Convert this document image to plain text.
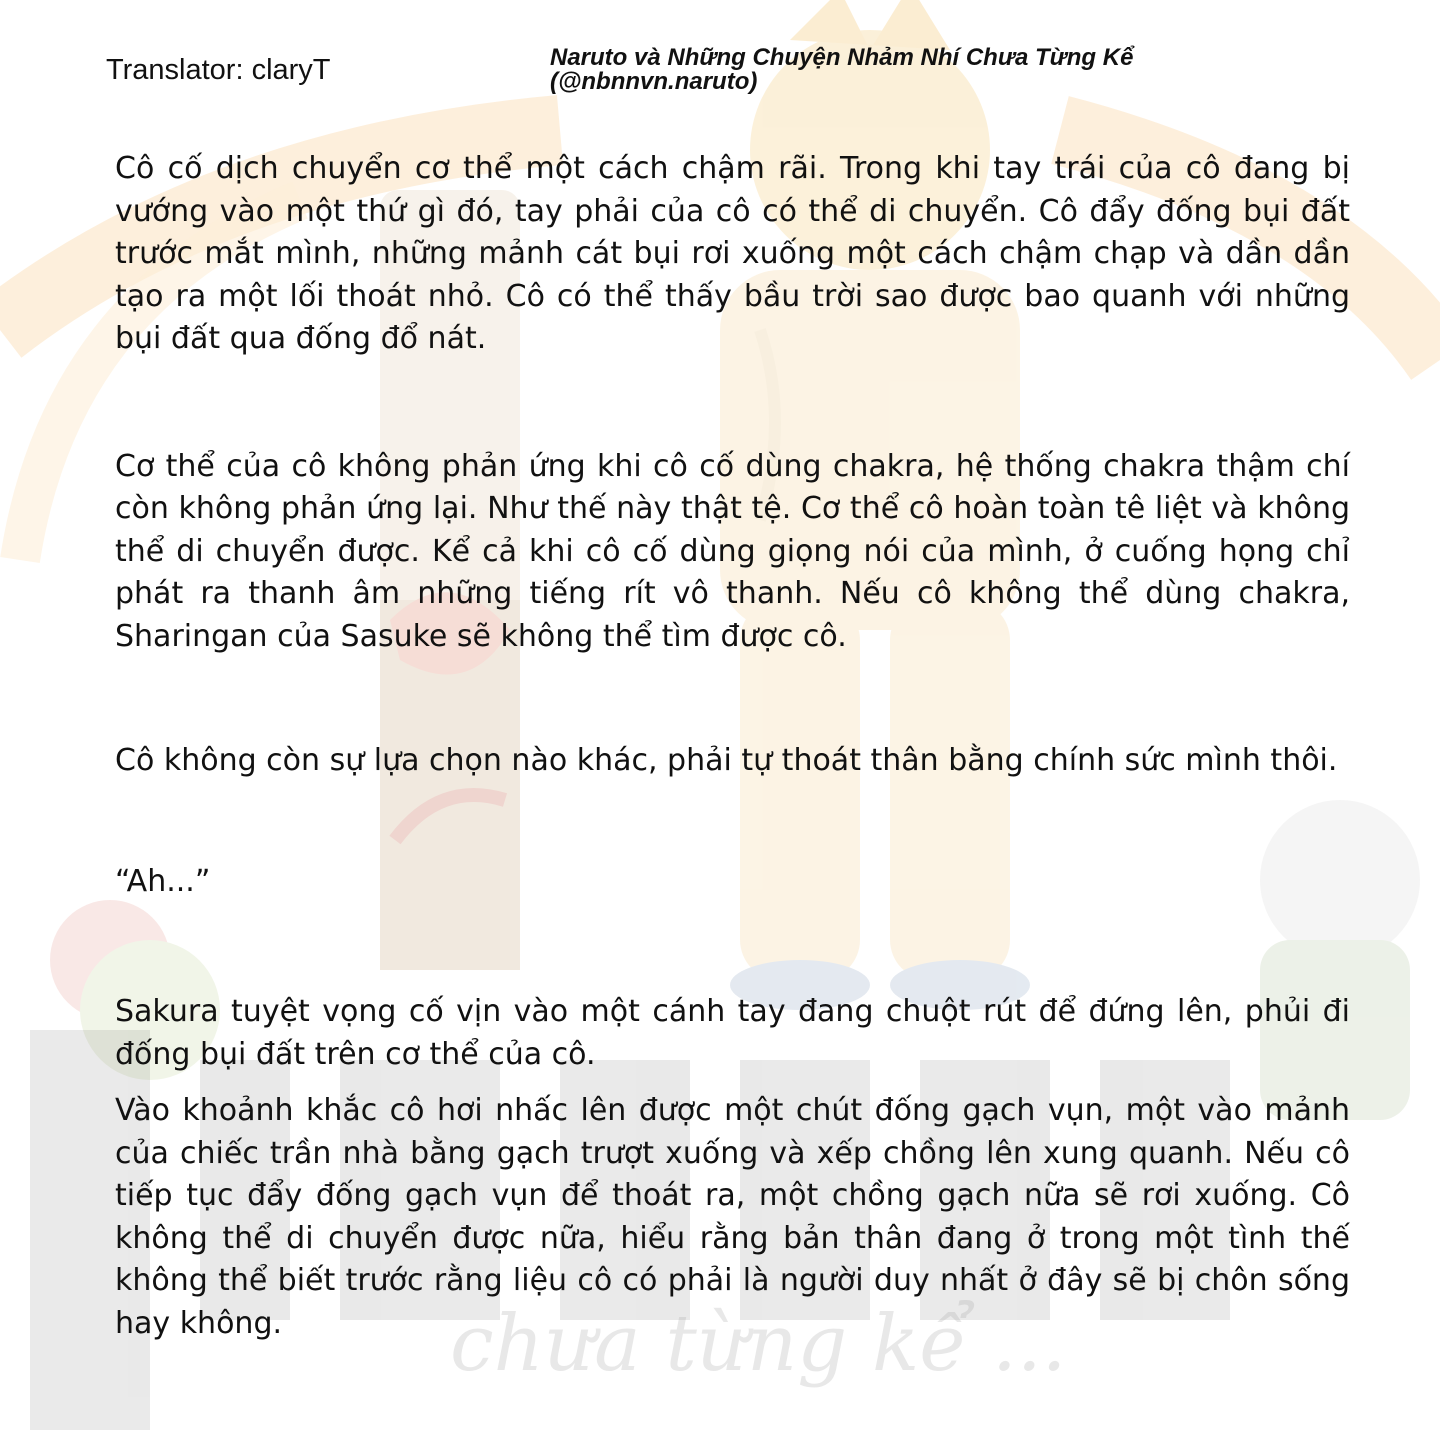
chưa từng kể ...
Translator: claryT	Naruto và Những Chuyện Nhảm Nhí Chưa Từng Kể
(@nbnnvn.naruto)

Cô cố dịch chuyển cơ thể một cách chậm rãi. Trong khi tay trái của cô đang bị vướng vào một thứ gì đó, tay phải của cô có thể di chuyển. Cô đẩy đống bụi đất trước mắt mình, những mảnh cát bụi rơi xuống một cách chậm chạp và dần dần tạo ra một lối thoát nhỏ. Cô có thể thấy bầu trời sao được bao quanh với những bụi đất qua đống đổ nát.

Cơ thể của cô không phản ứng khi cô cố dùng chakra, hệ thống chakra thậm chí còn không phản ứng lại. Như thế này thật tệ. Cơ thể cô hoàn toàn tê liệt và không thể di chuyển được. Kể cả khi cô cố dùng giọng nói của mình, ở cuống họng chỉ phát ra thanh âm những tiếng rít vô thanh. Nếu cô không thể dùng chakra, Sharingan của Sasuke sẽ không thể tìm được cô.

Cô không còn sự lựa chọn nào khác, phải tự thoát thân bằng chính sức mình thôi.

“Ah...”

Sakura tuyệt vọng cố vịn vào một cánh tay đang chuột rút để đứng lên, phủi đi đống bụi đất trên cơ thể của cô.

Vào khoảnh khắc cô hơi nhấc lên được một chút đống gạch vụn, một vào mảnh của chiếc trần nhà bằng gạch trượt xuống và xếp chồng lên xung quanh. Nếu cô tiếp tục đẩy đống gạch vụn để thoát ra, một chồng gạch nữa sẽ rơi xuống. Cô không thể di chuyển được nữa, hiểu rằng bản thân đang ở trong một tình thế không thể biết trước rằng liệu cô có phải là người duy nhất ở đây sẽ bị chôn sống hay không.
